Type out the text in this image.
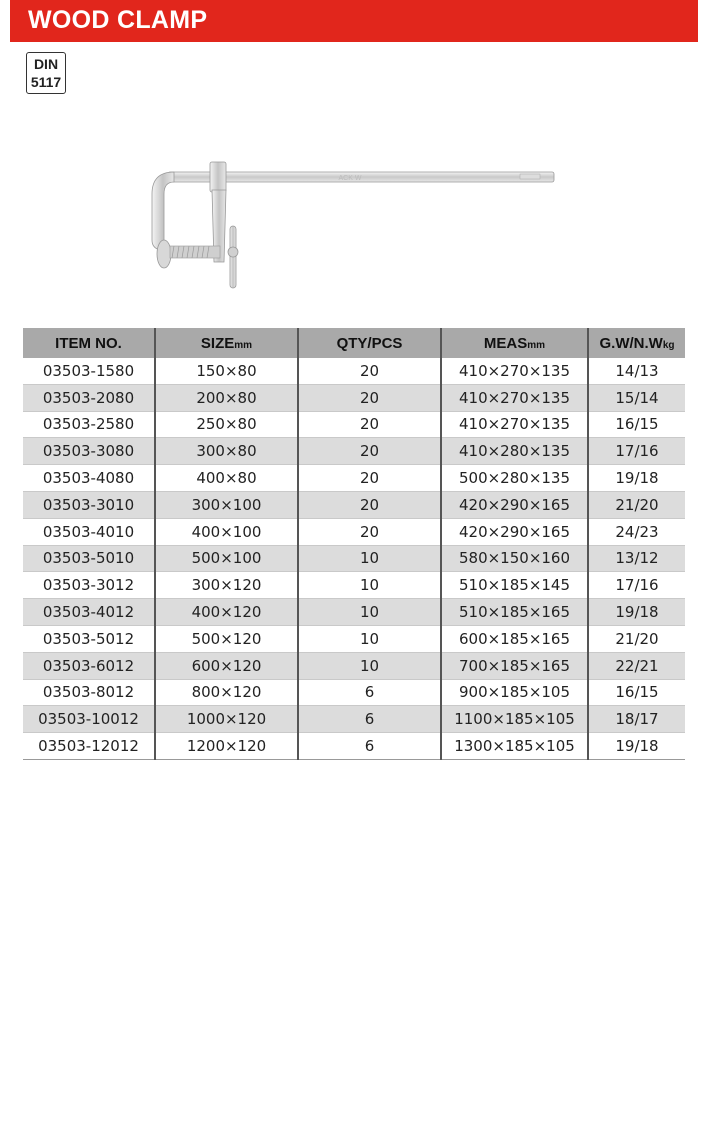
WOOD CLAMP
DIN
5117
ACK W
ITEM NO.	SIZEmm	QTY/PCS	MEASmm	G.W/N.Wkg
03503-1580	150×80	20	410×270×135	14/13
03503-2080	200×80	20	410×270×135	15/14
03503-2580	250×80	20	410×270×135	16/15
03503-3080	300×80	20	410×280×135	17/16
03503-4080	400×80	20	500×280×135	19/18
03503-3010	300×100	20	420×290×165	21/20
03503-4010	400×100	20	420×290×165	24/23
03503-5010	500×100	10	580×150×160	13/12
03503-3012	300×120	10	510×185×145	17/16
03503-4012	400×120	10	510×185×165	19/18
03503-5012	500×120	10	600×185×165	21/20
03503-6012	600×120	10	700×185×165	22/21
03503-8012	800×120	6	900×185×105	16/15
03503-10012	1000×120	6	1100×185×105	18/17
03503-12012	1200×120	6	1300×185×105	19/18
